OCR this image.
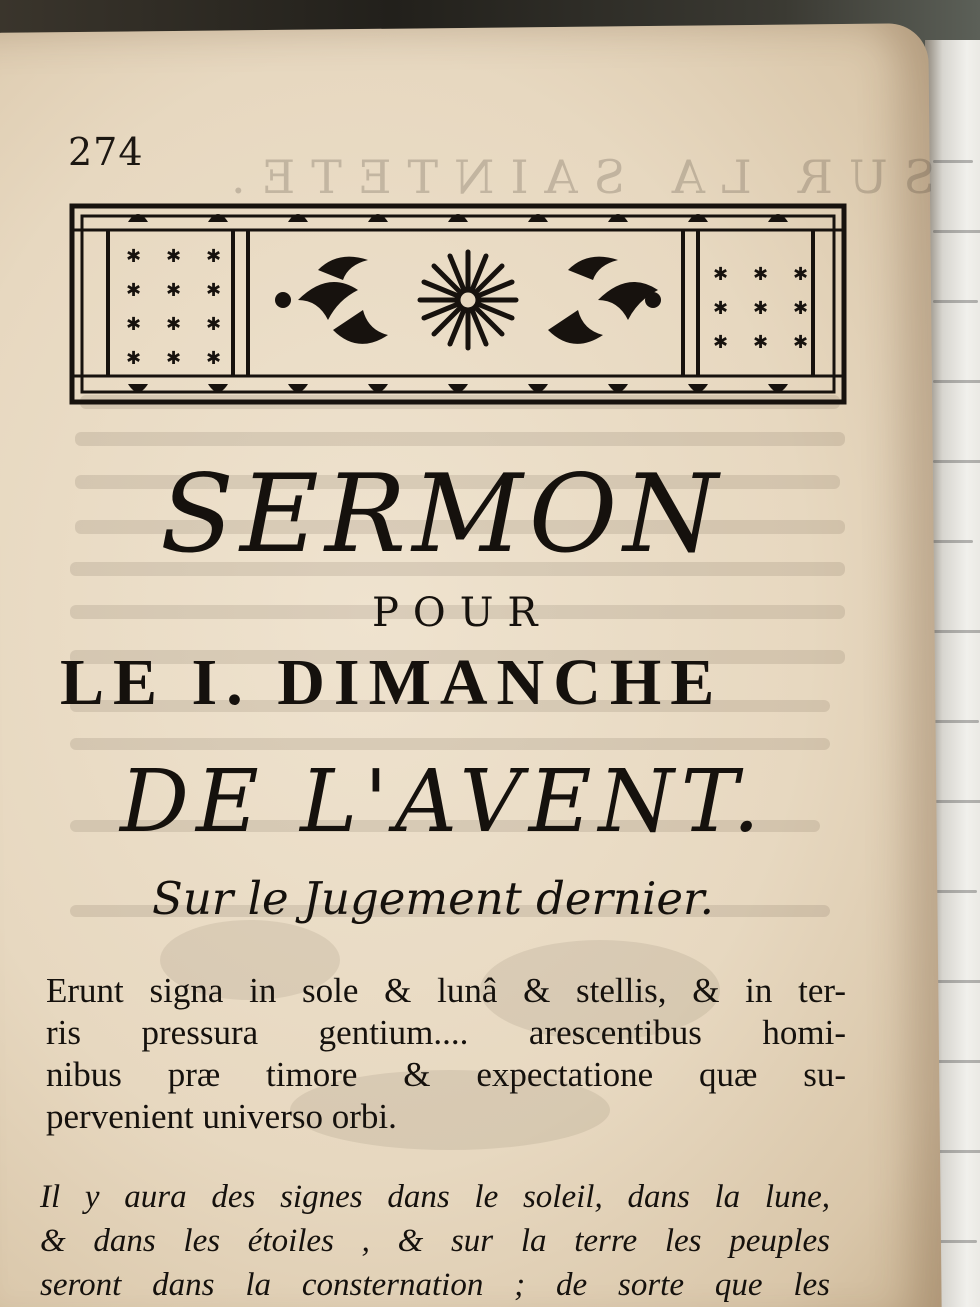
SUR LA SAINTETE.
274
✱ ✱ ✱
✱ ✱ ✱
✱ ✱ ✱
✱ ✱ ✱
✱ ✱ ✱
✱ ✱ ✱
✱ ✱ ✱
SERMON
POUR
LE I. DIMANCHE
DE L'AVENT.
Sur le Jugement dernier.
Erunt signa in sole & lunâ & stellis, & in ter-
ris pressura gentium.... arescentibus homi-
nibus præ timore & expectatione quæ su-
pervenient universo orbi.
Il y aura des signes dans le soleil, dans la lune,
& dans les étoiles , & sur la terre les peuples
seront dans la consternation ; de sorte que les
